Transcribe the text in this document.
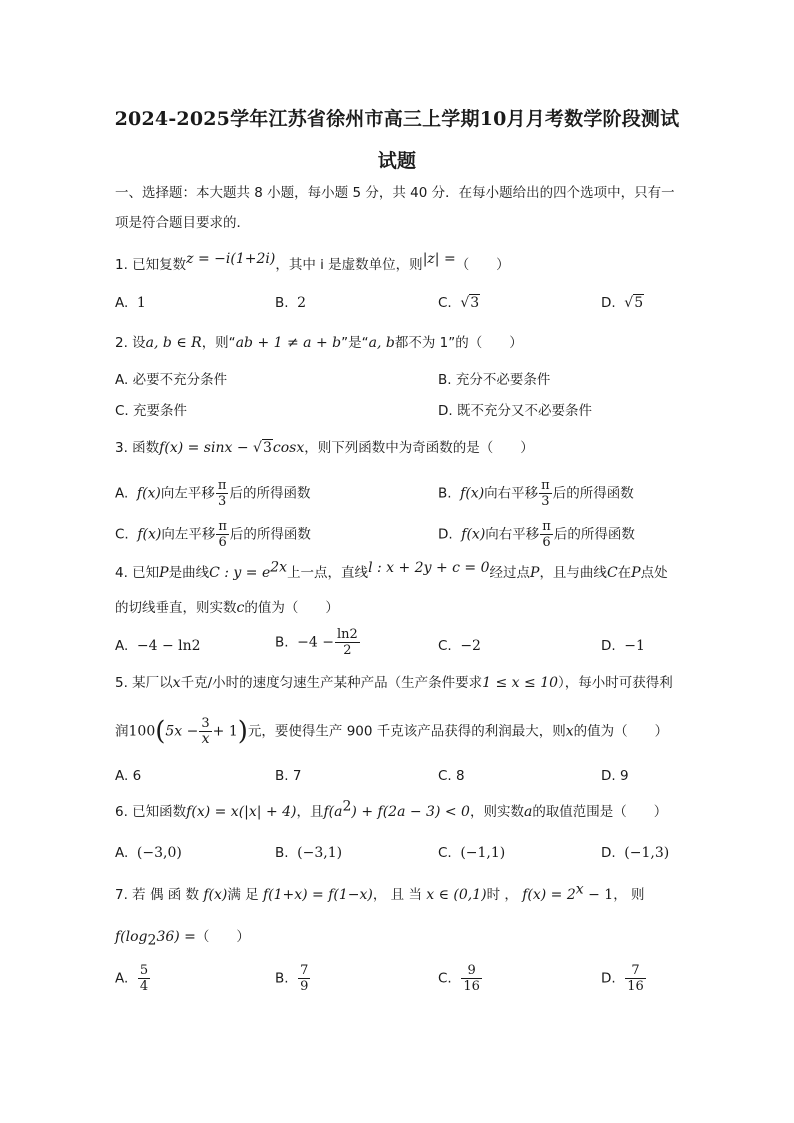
2024-2025学年江苏省徐州市高三上学期10月月考数学阶段测试
试题
一、选择题：本大题共 8 小题，每小题 5 分，共 40 分．在每小题给出的四个选项中，只有一
项是符合题目要求的．
1. 已知复数z = −i(1+2i)，其中 i 是虚数单位，则|z| =（　　）
A. 1	B. 2	C. √3	D. √5
2. 设a, b ∈ R，则“ab + 1 ≠ a + b”是“a, b都不为 1”的（　　）
A. 必要不充分条件	B. 充分不必要条件
C. 充要条件	D. 既不充分又不必要条件
3. 函数f(x) = sinx − √3cosx，则下列函数中为奇函数的是（　　）
A. f(x)向左平移 $\frac{\pi}{3}$ 后的所得函数	B. f(x)向右平移 $\frac{\pi}{3}$ 后的所得函数
C. f(x)向左平移 $\frac{\pi}{6}$ 后的所得函数	D. f(x)向右平移 $\frac{\pi}{6}$ 后的所得函数
4. 已知P是曲线C : $y = e^{2x}$上一点，直线l : x + 2y + c = 0经过点P，且与曲线C在P点处
的切线垂直，则实数c的值为（　　）
A. −4 − ln2	B. $-4 - \frac{\ln 2}{2}$	C. −2	D. −1
5. 某厂以x千克/小时的速度匀速生产某种产品（生产条件要求1 ≤ x ≤ 10），每小时可获得利
润$100(5x - \frac{3}{x} + 1)$元，要使得生产 900 千克该产品获得的利润最大，则x的值为（　　）
A. 6	B. 7	C. 8	D. 9
6. 已知函数f(x) = x(|x| + 4)，且$f(a^2) + f(2a - 3) < 0$，则实数a的取值范围是（　　）
A. (−3,0)	B. (−3,1)	C. (−1,1)	D. (−1,3)
7. 若 偶 函 数 f(x)满 足 f(1+x) = f(1−x)， 且 当 x ∈ (0,1)时 ， $f(x) = 2^x - 1$， 则
$f(\log_236)$ =（　　）
A. $\frac{5}{4}$	B. $\frac{7}{9}$	C. $\frac{9}{16}$	D. $\frac{7}{16}$
